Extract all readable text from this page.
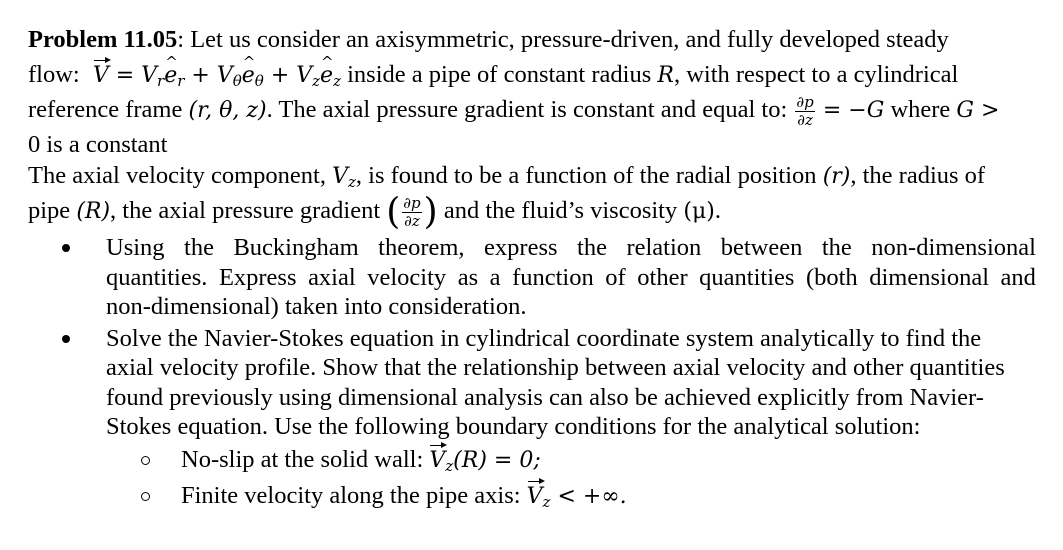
Problem 11.05: Let us consider an axisymmetric, pressure-driven, and fully developed steady
flow: $V = V_re$ $\^{}_r + V_\theta e$ $\^{}_\theta + V_ze$ $\^{}_z$ inside a pipe of constant radius R, with respect to a cylindrical
reference frame (r, θ, z). The axial pressure gradient is constant and equal to: $\frac{\partial p}{\partial z} = -G$ where G >
0 is a constant
The axial velocity component, $V_z$, is found to be a function of the radial position (r), the radius of
pipe (R), the axial pressure gradient ( $\frac{\partial p}{\partial z}$ ) and the fluid’s viscosity (μ).
Using the Buckingham theorem, express the relation between the non-dimensional
quantities. Express axial velocity as a function of other quantities (both dimensional and
non-dimensional) taken into consideration.
Solve the Navier-Stokes equation in cylindrical coordinate system analytically to find the
axial velocity profile. Show that the relationship between axial velocity and other quantities
found previously using dimensional analysis can also be achieved explicitly from Navier-
Stokes equation. Use the following boundary conditions for the analytical solution:
No-slip at the solid wall: $V_z(R) = 0$;
Finite velocity along the pipe axis: $V_z$ < +∞.
